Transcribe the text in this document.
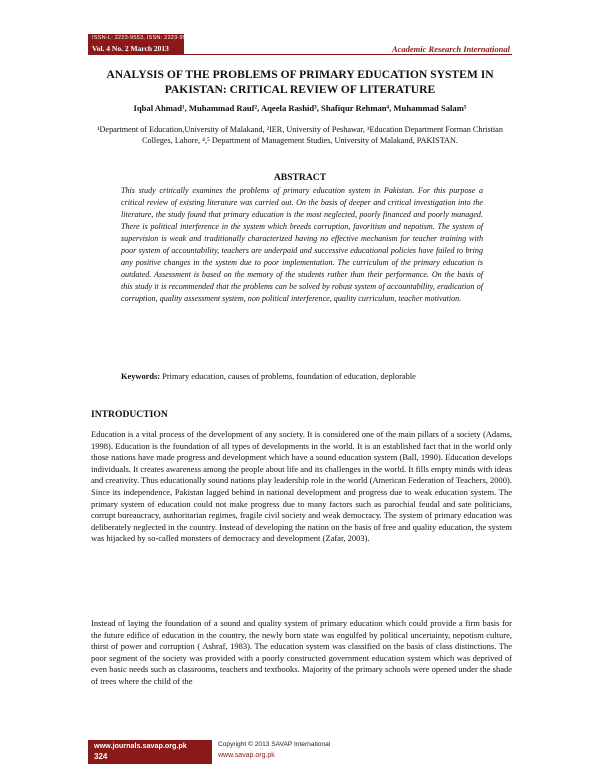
ISSN-L: 2223-9553, ISSN: 2223-9944
Vol. 4 No. 2 March 2013	Academic Research International
ANALYSIS OF THE PROBLEMS OF PRIMARY EDUCATION SYSTEM IN PAKISTAN: CRITICAL REVIEW OF LITERATURE
Iqbal Ahmad¹, Muhammad Rauf², Aqeela Rashid³, Shafiqur Rehman⁴, Muhammad Salam⁵
¹Department of Education,University of Malakand, ²IER, University of Peshawar, ³Education Department Forman Christian Colleges, Lahore, ⁴,⁵ Department of Management Studies, University of Malakand, PAKISTAN.
ABSTRACT
This study critically examines the problems of primary education system in Pakistan. For this purpose a critical review of existing literature was carried out. On the basis of deeper and critical investigation into the literature, the study found that primary education is the most neglected, poorly financed and poorly managed. There is political interference in the system which breeds corruption, favoritism and nepotism. The system of supervision is weak and traditionally characterized having no effective mechanism for teacher training with poor system of accountability, teachers are underpaid and successive educational policies have failed to bring any positive changes in the system due to poor implementation. The curriculum of the primary education is outdated. Assessment is based on the memory of the students rather than their performance. On the basis of this study it is recommended that the problems can be solved by robust system of accountability, eradication of corruption, quality assessment system, non political interference, quality curriculum, teacher motivation.
Keywords: Primary education, causes of problems, foundation of education, deplorable
INTRODUCTION
Education is a vital process of the development of any society. It is considered one of the main pillars of a society (Adams, 1998). Education is the foundation of all types of developments in the world. It is an established fact that in the world only those nations have made progress and development which have a sound education system (Ball, 1990). Education develops individuals. It creates awareness among the people about life and its challenges in the world. It fills empty minds with ideas and creativity. Thus educationally sound nations play leadership role in the world (American Federation of Teachers, 2000). Since its independence, Pakistan lagged behind in national development and progress due to weak education system. The primary system of education could not make progress due to many factors such as parochial feudal and sate politicians, corrupt bureaucracy, authoritarian regimes, fragile civil society and weak democracy. The system of primary education was deliberately neglected in the country. Instead of developing the nation on the basis of free and quality education, the system was hijacked by so-called monsters of democracy and development (Zafar, 2003).
Instead of laying the foundation of a sound and quality system of primary education which could provide a firm basis for the future edifice of education in the country, the newly born state was engulfed by political uncertainty, nepotism culture, thirst of power and corruption ( Ashraf, 1983). The education system was classified on the basis of class distinctions. The poor segment of the society was provided with a poorly constructed government education system which was deprived of even basic needs such as classrooms, teachers and textbooks. Majority of the primary schools were opened under the shade of trees where the child of the
www.journals.savap.org.pk
324
Copyright © 2013 SAVAP International
www.savap.org.pk
